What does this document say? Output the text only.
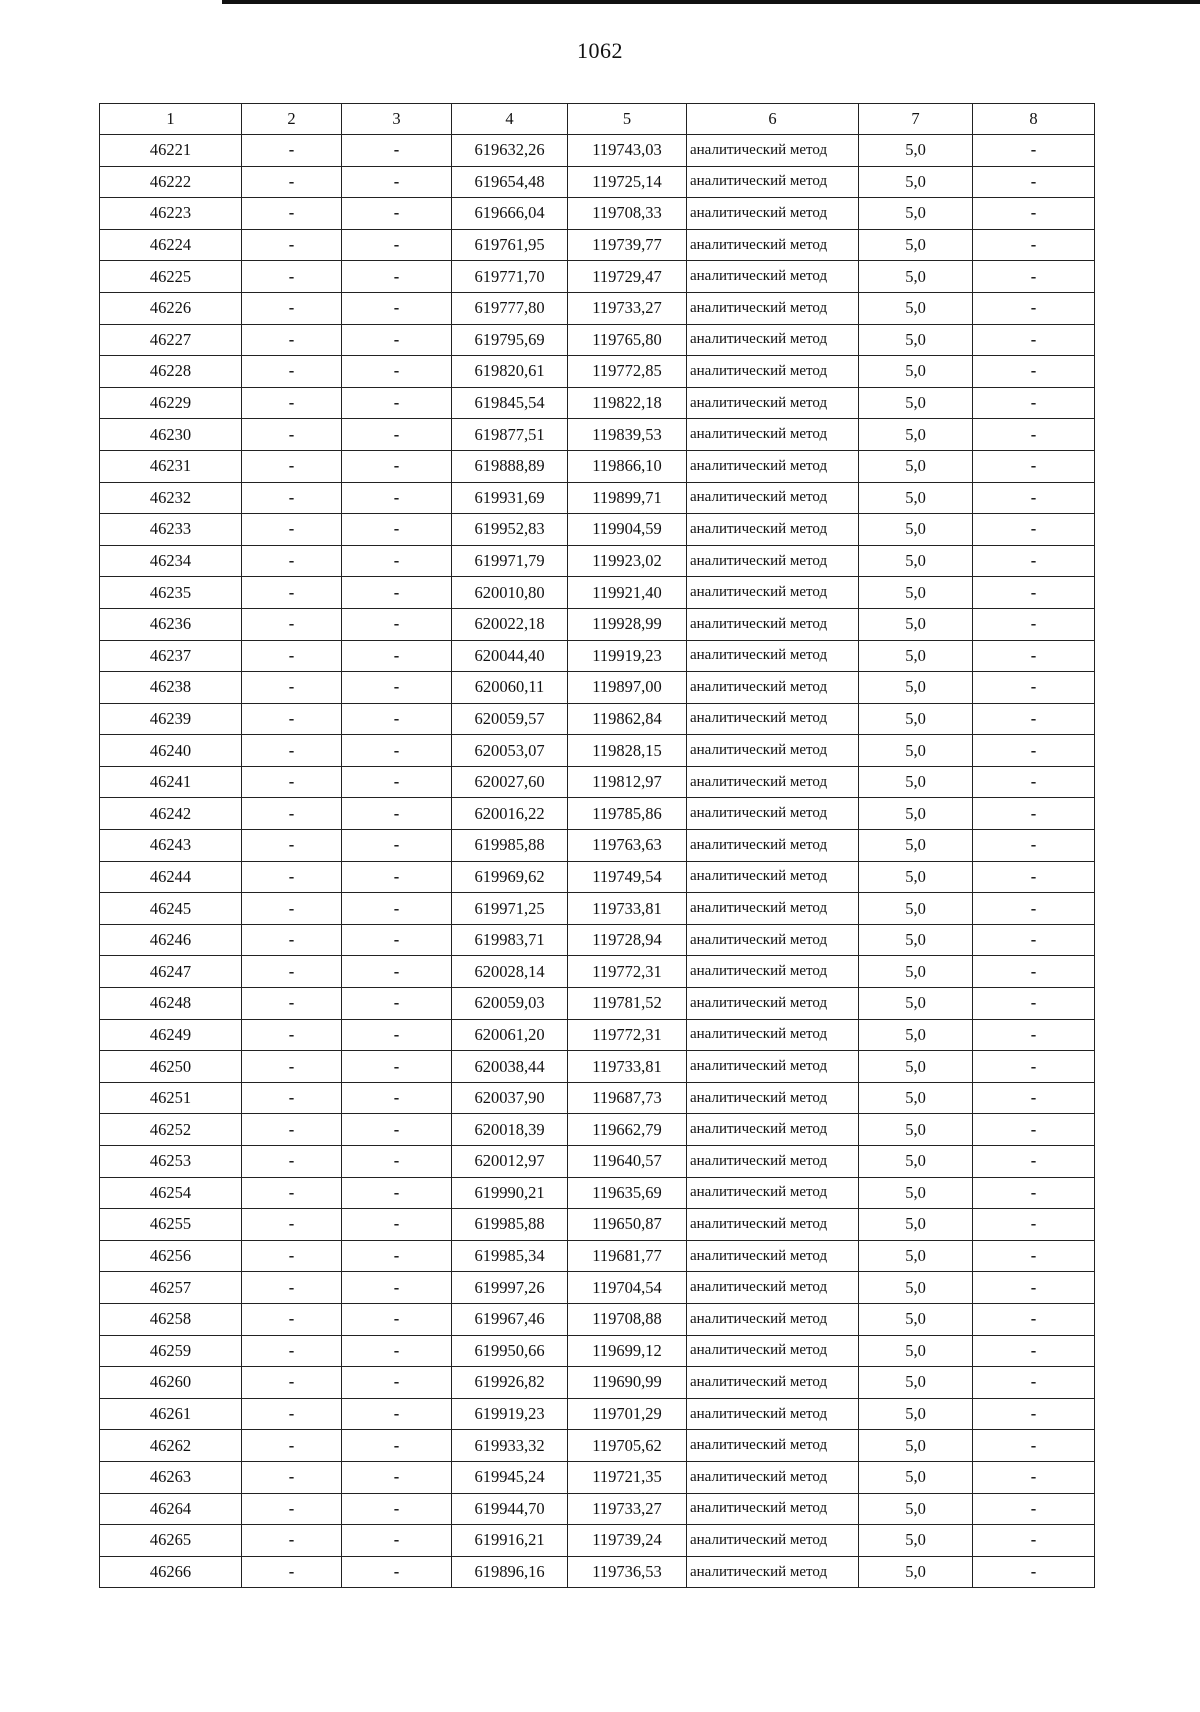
1062
1	2	3	4	5	6	7	8
46221	-	-	619632,26	119743,03	аналитический метод	5,0	-
46222	-	-	619654,48	119725,14	аналитический метод	5,0	-
46223	-	-	619666,04	119708,33	аналитический метод	5,0	-
46224	-	-	619761,95	119739,77	аналитический метод	5,0	-
46225	-	-	619771,70	119729,47	аналитический метод	5,0	-
46226	-	-	619777,80	119733,27	аналитический метод	5,0	-
46227	-	-	619795,69	119765,80	аналитический метод	5,0	-
46228	-	-	619820,61	119772,85	аналитический метод	5,0	-
46229	-	-	619845,54	119822,18	аналитический метод	5,0	-
46230	-	-	619877,51	119839,53	аналитический метод	5,0	-
46231	-	-	619888,89	119866,10	аналитический метод	5,0	-
46232	-	-	619931,69	119899,71	аналитический метод	5,0	-
46233	-	-	619952,83	119904,59	аналитический метод	5,0	-
46234	-	-	619971,79	119923,02	аналитический метод	5,0	-
46235	-	-	620010,80	119921,40	аналитический метод	5,0	-
46236	-	-	620022,18	119928,99	аналитический метод	5,0	-
46237	-	-	620044,40	119919,23	аналитический метод	5,0	-
46238	-	-	620060,11	119897,00	аналитический метод	5,0	-
46239	-	-	620059,57	119862,84	аналитический метод	5,0	-
46240	-	-	620053,07	119828,15	аналитический метод	5,0	-
46241	-	-	620027,60	119812,97	аналитический метод	5,0	-
46242	-	-	620016,22	119785,86	аналитический метод	5,0	-
46243	-	-	619985,88	119763,63	аналитический метод	5,0	-
46244	-	-	619969,62	119749,54	аналитический метод	5,0	-
46245	-	-	619971,25	119733,81	аналитический метод	5,0	-
46246	-	-	619983,71	119728,94	аналитический метод	5,0	-
46247	-	-	620028,14	119772,31	аналитический метод	5,0	-
46248	-	-	620059,03	119781,52	аналитический метод	5,0	-
46249	-	-	620061,20	119772,31	аналитический метод	5,0	-
46250	-	-	620038,44	119733,81	аналитический метод	5,0	-
46251	-	-	620037,90	119687,73	аналитический метод	5,0	-
46252	-	-	620018,39	119662,79	аналитический метод	5,0	-
46253	-	-	620012,97	119640,57	аналитический метод	5,0	-
46254	-	-	619990,21	119635,69	аналитический метод	5,0	-
46255	-	-	619985,88	119650,87	аналитический метод	5,0	-
46256	-	-	619985,34	119681,77	аналитический метод	5,0	-
46257	-	-	619997,26	119704,54	аналитический метод	5,0	-
46258	-	-	619967,46	119708,88	аналитический метод	5,0	-
46259	-	-	619950,66	119699,12	аналитический метод	5,0	-
46260	-	-	619926,82	119690,99	аналитический метод	5,0	-
46261	-	-	619919,23	119701,29	аналитический метод	5,0	-
46262	-	-	619933,32	119705,62	аналитический метод	5,0	-
46263	-	-	619945,24	119721,35	аналитический метод	5,0	-
46264	-	-	619944,70	119733,27	аналитический метод	5,0	-
46265	-	-	619916,21	119739,24	аналитический метод	5,0	-
46266	-	-	619896,16	119736,53	аналитический метод	5,0	-
